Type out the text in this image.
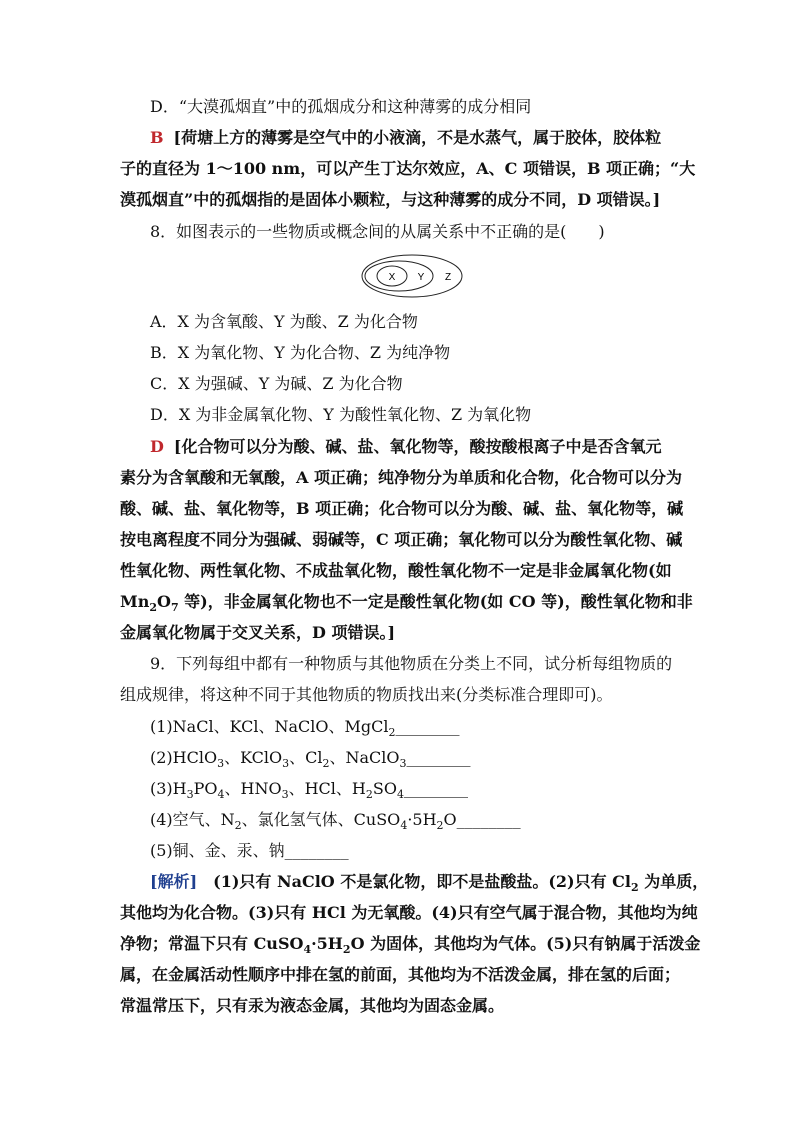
D．“大漠孤烟直”中的孤烟成分和这种薄雾的成分相同
B [荷塘上方的薄雾是空气中的小液滴，不是水蒸气，属于胶体，胶体粒
子的直径为 1～100 nm，可以产生丁达尔效应，A、C 项错误，B 项正确；“大
漠孤烟直”中的孤烟指的是固体小颗粒，与这种薄雾的成分不同，D 项错误。]
8．如图表示的一些物质或概念间的从属关系中不正确的是(　　)
X Y Z
A．X 为含氧酸、Y 为酸、Z 为化合物
B．X 为氧化物、Y 为化合物、Z 为纯净物
C．X 为强碱、Y 为碱、Z 为化合物
D．X 为非金属氧化物、Y 为酸性氧化物、Z 为氧化物
D [化合物可以分为酸、碱、盐、氧化物等，酸按酸根离子中是否含氧元
素分为含氧酸和无氧酸，A 项正确；纯净物分为单质和化合物，化合物可以分为
酸、碱、盐、氧化物等，B 项正确；化合物可以分为酸、碱、盐、氧化物等，碱
按电离程度不同分为强碱、弱碱等，C 项正确；氧化物可以分为酸性氧化物、碱
性氧化物、两性氧化物、不成盐氧化物，酸性氧化物不一定是非金属氧化物(如
$Mn_2O_7$ 等)，非金属氧化物也不一定是酸性氧化物(如 CO 等)，酸性氧化物和非
金属氧化物属于交叉关系，D 项错误。]
9．下列每组中都有一种物质与其他物质在分类上不同，试分析每组物质的
组成规律，将这种不同于其他物质的物质找出来(分类标准合理即可)。
(1)NaCl、KCl、NaClO、MgCl$_2$________
(2)HClO$_3$、KClO$_3$、$Cl_2$、NaClO$_3$________
$(3)H_3PO_4$、$HNO_3$、HCl、$H_2SO_4\_\_\_\_\_\_\_\_$
(4)空气、$N_2$、氯化氢气体、$CuSO_4\cdot 5H_2O\_\_\_\_\_\_\_\_$
(5)铜、金、汞、钠________
[解析]　(1)只有 NaClO 不是氯化物，即不是盐酸盐。(2)只有 $Cl_2$ 为单质，
其他均为化合物。(3)只有 HCl 为无氧酸。(4)只有空气属于混合物，其他均为纯
净物；常温下只有 $CuSO_4\cdot 5H_2O$ 为固体，其他均为气体。(5)只有钠属于活泼金
属，在金属活动性顺序中排在氢的前面，其他均为不活泼金属，排在氢的后面；
常温常压下，只有汞为液态金属，其他均为固态金属。
